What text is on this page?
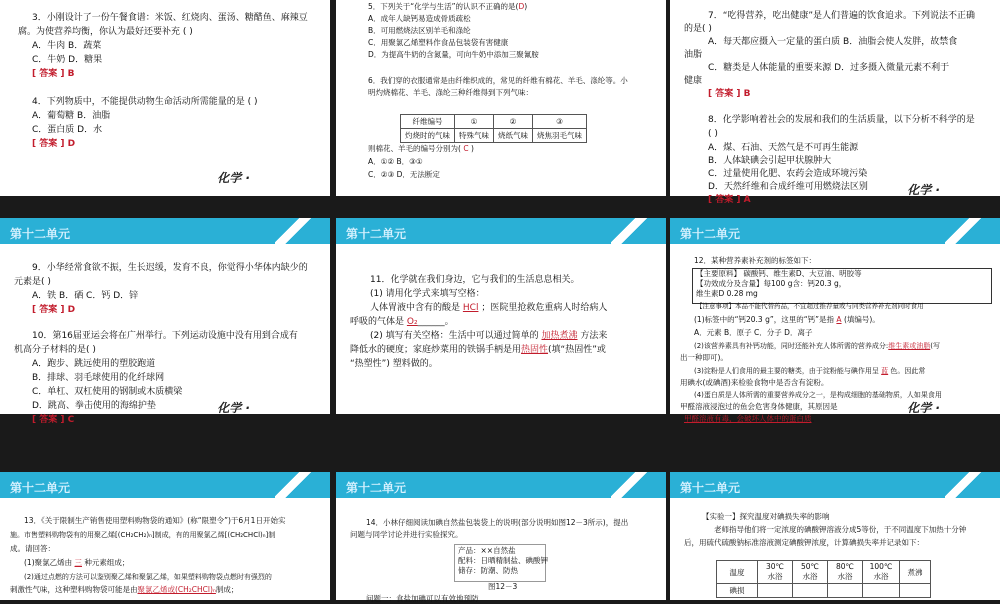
3．小刚设计了一份午餐食谱：米饭、红烧肉、蛋汤、糖醋鱼、麻辣豆
腐。为使营养均衡，你认为最好还要补充 ( )
A．牛肉 B．蔬菜
C．牛奶 D．糖果
[ 答案 ] B
4．下列物质中，不能提供动物生命活动所需能量的是 ( )
A．葡萄糖 B．油脂
C．蛋白质 D．水
[ 答案 ] D
化学 ·
5．下列关于“化学与生活”的认识不正确的是(D)
A．成年人缺钙易造成骨质疏松
B．可用燃烧法区别羊毛和涤纶
C．用聚氯乙烯塑料作食品包装袋有害健康
D．为提高牛奶的含氮量，可向牛奶中添加三聚氰胺
6．我们穿的衣服通常是由纤维织成的，常见的纤维有棉花、羊毛、涤纶等。小
明灼烧棉花、羊毛、涤纶三种纤维得到下列气味：
纤维编号	①	②	③
灼烧时的气味	特殊气味	烧纸气味	烧焦羽毛气味
则棉花、羊毛的编号分别为( C )
A．①② B．③①
C．②③ D．无法断定
7．“吃得营养，吃出健康”是人们普遍的饮食追求。下列说法不正确
的是( )
A．每天都应摄入一定量的蛋白质 B．油脂会使人发胖，故禁食
油脂
C．糖类是人体能量的重要来源 D．过多摄入微量元素不利于
健康
[ 答案 ] B
8．化学影响着社会的发展和我们的生活质量，以下分析不科学的是
( )
A．煤、石油、天然气是不可再生能源
B．人体缺碘会引起甲状腺肿大
C．过量使用化肥、农药会造成环境污染
D．天然纤维和合成纤维可用燃烧法区别
[ 答案 ] A
化学 ·
第十二单元
9．小华经常食欲不振，生长迟缓，发育不良，你觉得小华体内缺少的
元素是( )
A．铁 B．硒 C．钙 D．锌
[ 答案 ] D
10．第16届亚运会将在广州举行。下列运动设施中没有用到合成有
机高分子材料的是( )
A．跑步、跳远使用的塑胶跑道
B．排球、羽毛球使用的化纤球网
C．单杠、双杠使用的钢制或木质横梁
D．跳高、拳击使用的海绵护垫
[ 答案 ] C
化学 ·
第十二单元
11．化学就在我们身边，它与我们的生活息息相关。
(1) 请用化学式来填写空格：
人体胃液中含有的酸是 HCl ；医院里抢救危重病人时给病人
呼吸的气体是 O₂______。
(2) 填写有关空格：生活中可以通过简单的 加热煮沸 方法来
降低水的硬度；家庭炒菜用的铁锅手柄是用热固性(填“热固性”或
“热塑性”) 塑料做的。
第十二单元
12．某种营养素补充剂的标签如下：
【主要原料】 碳酸钙、维生素D、大豆油、明胶等
【功效成分及含量】每100 g含：钙20.3 g，
维生素D 0.28 mg
【注意事项】本品不能代替药品，不宜超过推荐量或与同类营养补充剂同时食用
(1)标签中的“钙20.3 g”，这里的“钙”是指 A (填编号)。
A．元素 B．原子 C．分子 D．离子
(2)该营养素具有补钙功能，同时还能补充人体所需的营养成分:维生素或油脂(写
出一种即可)。
(3)淀粉是人们食用的最主要的糖类，由于淀粉能与碘作用呈 蓝 色。因此常
用碘水(或碘酒)来检验食物中是否含有淀粉。
(4)蛋白质是人体所需的重要营养成分之一，是构成细胞的基础物质，人如果食用
甲醛溶液浸泡过的鱼会危害身体健康，其原因是
甲醛溶液有毒，会破坏人体中的蛋白质。
化学 ·
第十二单元
13．《关于限制生产销售使用塑料购物袋的通知》(称“限塑令”)于6月1日开始实
施。市售塑料购物袋有的用聚乙烯[(CH₂CH₂)ₙ]制成，有的用聚氯乙烯[(CH₂CHCl)ₙ]制
成。请回答：
(1)聚氯乙烯由 三 种元素组成；
(2)通过点燃的方法可以鉴别聚乙烯和聚氯乙烯，如果塑料购物袋点燃时有强烈的
刺激性气味，这种塑料购物袋可能是由聚氯乙烯或(CH₂CHCl)ₙ制成；
第十二单元
14．小林仔细阅读加碘自然盐包装袋上的说明(部分说明如图12－3所示)，提出
问题与同学讨论并进行实验探究。
产品：××自然盐
配料：日晒精制盐、碘酸钾
储存：防潮、防热
图12－3
问题一：食盐加碘可以有效地预防
第十二单元
【实验一】探究温度对碘损失率的影响
老师指导他们将一定浓度的碘酸钾溶液分成5等份，于不同温度下加热十分钟
后，用硫代硫酸钠标准溶液测定碘酸钾浓度，计算碘损失率并记录如下：
温度	30℃ 水浴	50℃ 水浴	80℃ 水浴	100℃ 水浴	煮沸
碘损					
